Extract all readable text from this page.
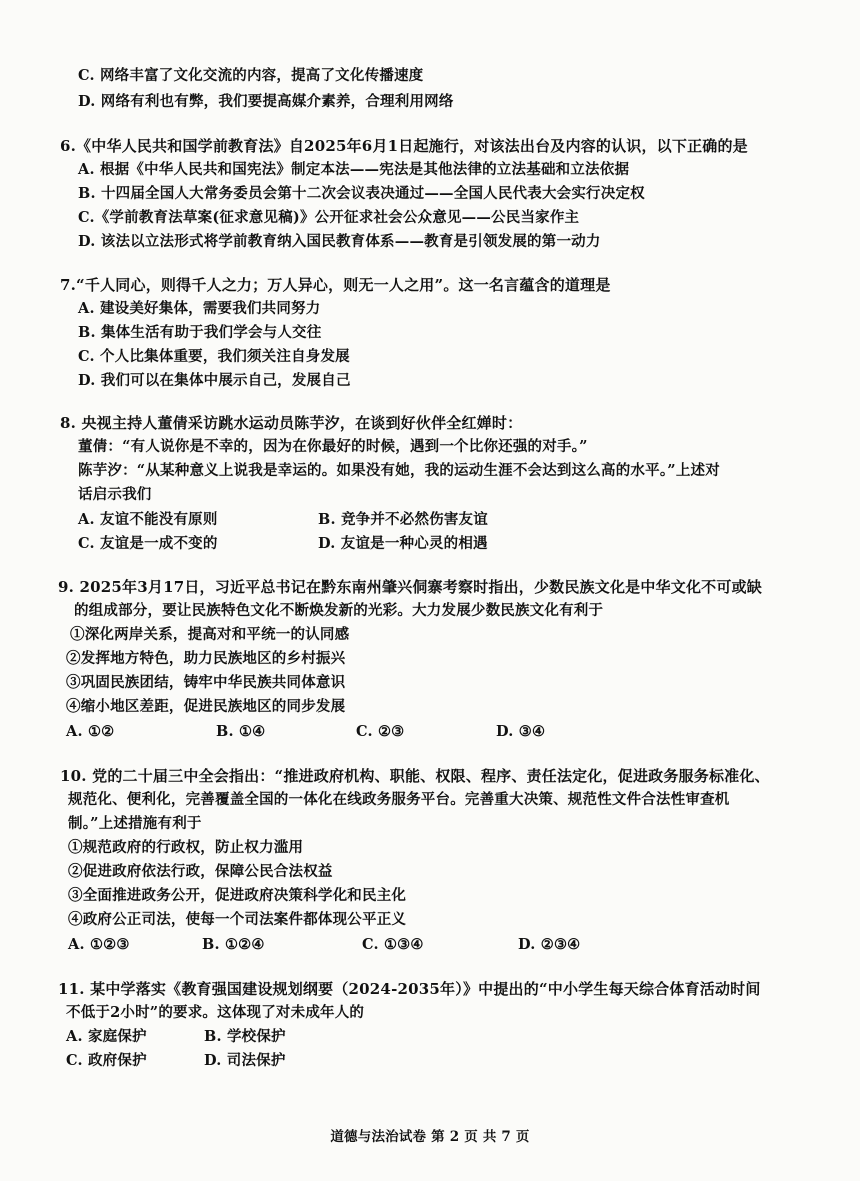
C. 网络丰富了文化交流的内容，提高了文化传播速度
D. 网络有利也有弊，我们要提高媒介素养，合理利用网络
6.《中华人民共和国学前教育法》自2025年6月1日起施行，对该法出台及内容的认识，以下正确的是
A. 根据《中华人民共和国宪法》制定本法——宪法是其他法律的立法基础和立法依据
B. 十四届全国人大常务委员会第十二次会议表决通过——全国人民代表大会实行决定权
C.《学前教育法草案(征求意见稿)》公开征求社会公众意见——公民当家作主
D. 该法以立法形式将学前教育纳入国民教育体系——教育是引领发展的第一动力
7.“千人同心，则得千人之力；万人异心，则无一人之用”。这一名言蕴含的道理是
A. 建设美好集体，需要我们共同努力
B. 集体生活有助于我们学会与人交往
C. 个人比集体重要，我们须关注自身发展
D. 我们可以在集体中展示自己，发展自己
8. 央视主持人董倩采访跳水运动员陈芋汐，在谈到好伙伴全红婵时：
董倩：“有人说你是不幸的，因为在你最好的时候，遇到一个比你还强的对手。”
陈芋汐：“从某种意义上说我是幸运的。如果没有她，我的运动生涯不会达到这么高的水平。”上述对
话启示我们
A. 友谊不能没有原则	B. 竞争并不必然伤害友谊
C. 友谊是一成不变的	D. 友谊是一种心灵的相遇
9. 2025年3月17日，习近平总书记在黔东南州肇兴侗寨考察时指出，少数民族文化是中华文化不可或缺
的组成部分，要让民族特色文化不断焕发新的光彩。大力发展少数民族文化有利于
①深化两岸关系，提高对和平统一的认同感
②发挥地方特色，助力民族地区的乡村振兴
③巩固民族团结，铸牢中华民族共同体意识
④缩小地区差距，促进民族地区的同步发展
A. ①②	B. ①④	C. ②③	D. ③④
10. 党的二十届三中全会指出：“推进政府机构、职能、权限、程序、责任法定化，促进政务服务标准化、
规范化、便利化，完善覆盖全国的一体化在线政务服务平台。完善重大决策、规范性文件合法性审查机
制。”上述措施有利于
①规范政府的行政权，防止权力滥用
②促进政府依法行政，保障公民合法权益
③全面推进政务公开，促进政府决策科学化和民主化
④政府公正司法，使每一个司法案件都体现公平正义
A. ①②③	B. ①②④	C. ①③④	D. ②③④
11. 某中学落实《教育强国建设规划纲要（2024-2035年）》中提出的“中小学生每天综合体育活动时间
不低于2小时”的要求。这体现了对未成年人的
A. 家庭保护	B. 学校保护
C. 政府保护	D. 司法保护
道德与法治试卷 第 2 页 共 7 页
